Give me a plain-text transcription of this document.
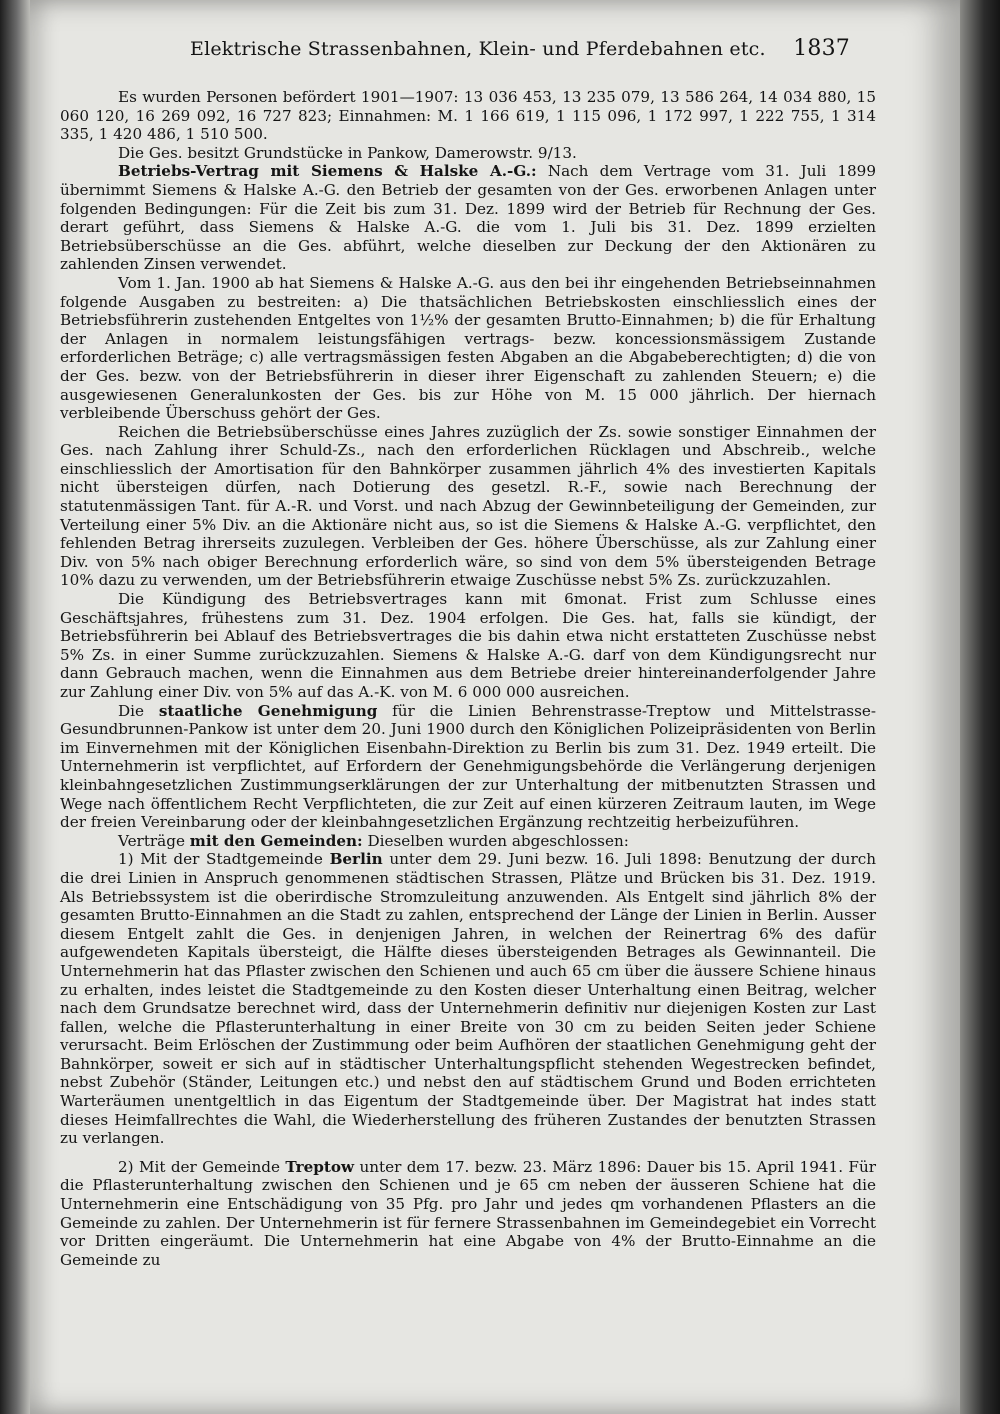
Elektrische Strassenbahnen, Klein- und Pferdebahnen etc. 1837

Es wurden Personen befördert 1901—1907: 13 036 453, 13 235 079, 13 586 264, 14 034 880, 15 060 120, 16 269 092, 16 727 823; Einnahmen: M. 1 166 619, 1 115 096, 1 172 997, 1 222 755, 1 314 335, 1 420 486, 1 510 500.

Die Ges. besitzt Grundstücke in Pankow, Damerowstr. 9/13.

Betriebs-Vertrag mit Siemens & Halske A.-G.: Nach dem Vertrage vom 31. Juli 1899 übernimmt Siemens & Halske A.-G. den Betrieb der gesamten von der Ges. erworbenen Anlagen unter folgenden Bedingungen: Für die Zeit bis zum 31. Dez. 1899 wird der Betrieb für Rechnung der Ges. derart geführt, dass Siemens & Halske A.-G. die vom 1. Juli bis 31. Dez. 1899 erzielten Betriebsüberschüsse an die Ges. abführt, welche dieselben zur Deckung der den Aktionären zu zahlenden Zinsen verwendet.

Vom 1. Jan. 1900 ab hat Siemens & Halske A.-G. aus den bei ihr eingehenden Betriebseinnahmen folgende Ausgaben zu bestreiten: a) Die thatsächlichen Betriebskosten einschliesslich eines der Betriebsführerin zustehenden Entgeltes von 1½% der gesamten Brutto-Einnahmen; b) die für Erhaltung der Anlagen in normalem leistungsfähigen vertrags- bezw. koncessionsmässigem Zustande erforderlichen Beträge; c) alle vertragsmässigen festen Abgaben an die Abgabeberechtigten; d) die von der Ges. bezw. von der Betriebsführerin in dieser ihrer Eigenschaft zu zahlenden Steuern; e) die ausgewiesenen Generalunkosten der Ges. bis zur Höhe von M. 15 000 jährlich. Der hiernach verbleibende Überschuss gehört der Ges.

Reichen die Betriebsüberschüsse eines Jahres zuzüglich der Zs. sowie sonstiger Einnahmen der Ges. nach Zahlung ihrer Schuld-Zs., nach den erforderlichen Rücklagen und Abschreib., welche einschliesslich der Amortisation für den Bahnkörper zusammen jährlich 4% des investierten Kapitals nicht übersteigen dürfen, nach Dotierung des gesetzl. R.-F., sowie nach Berechnung der statutenmässigen Tant. für A.-R. und Vorst. und nach Abzug der Gewinnbeteiligung der Gemeinden, zur Verteilung einer 5% Div. an die Aktionäre nicht aus, so ist die Siemens & Halske A.-G. verpflichtet, den fehlenden Betrag ihrerseits zuzulegen. Verbleiben der Ges. höhere Überschüsse, als zur Zahlung einer Div. von 5% nach obiger Berechnung erforderlich wäre, so sind von dem 5% übersteigenden Betrage 10% dazu zu verwenden, um der Betriebsführerin etwaige Zuschüsse nebst 5% Zs. zurückzuzahlen.

Die Kündigung des Betriebsvertrages kann mit 6monat. Frist zum Schlusse eines Geschäftsjahres, frühestens zum 31. Dez. 1904 erfolgen. Die Ges. hat, falls sie kündigt, der Betriebsführerin bei Ablauf des Betriebsvertrages die bis dahin etwa nicht erstatteten Zuschüsse nebst 5% Zs. in einer Summe zurückzuzahlen. Siemens & Halske A.-G. darf von dem Kündigungsrecht nur dann Gebrauch machen, wenn die Einnahmen aus dem Betriebe dreier hintereinanderfolgender Jahre zur Zahlung einer Div. von 5% auf das A.-K. von M. 6 000 000 ausreichen.

Die staatliche Genehmigung für die Linien Behrenstrasse-Treptow und Mittelstrasse-Gesundbrunnen-Pankow ist unter dem 20. Juni 1900 durch den Königlichen Polizeipräsidenten von Berlin im Einvernehmen mit der Königlichen Eisenbahn-Direktion zu Berlin bis zum 31. Dez. 1949 erteilt. Die Unternehmerin ist verpflichtet, auf Erfordern der Genehmigungsbehörde die Verlängerung derjenigen kleinbahngesetzlichen Zustimmungserklärungen der zur Unterhaltung der mitbenutzten Strassen und Wege nach öffentlichem Recht Verpflichteten, die zur Zeit auf einen kürzeren Zeitraum lauten, im Wege der freien Vereinbarung oder der kleinbahngesetzlichen Ergänzung rechtzeitig herbeizuführen.

Verträge mit den Gemeinden: Dieselben wurden abgeschlossen:

1) Mit der Stadtgemeinde Berlin unter dem 29. Juni bezw. 16. Juli 1898: Benutzung der durch die drei Linien in Anspruch genommenen städtischen Strassen, Plätze und Brücken bis 31. Dez. 1919. Als Betriebssystem ist die oberirdische Stromzuleitung anzuwenden. Als Entgelt sind jährlich 8% der gesamten Brutto-Einnahmen an die Stadt zu zahlen, entsprechend der Länge der Linien in Berlin. Ausser diesem Entgelt zahlt die Ges. in denjenigen Jahren, in welchen der Reinertrag 6% des dafür aufgewendeten Kapitals übersteigt, die Hälfte dieses übersteigenden Betrages als Gewinnanteil. Die Unternehmerin hat das Pflaster zwischen den Schienen und auch 65 cm über die äussere Schiene hinaus zu erhalten, indes leistet die Stadtgemeinde zu den Kosten dieser Unterhaltung einen Beitrag, welcher nach dem Grundsatze berechnet wird, dass der Unternehmerin definitiv nur diejenigen Kosten zur Last fallen, welche die Pflasterunterhaltung in einer Breite von 30 cm zu beiden Seiten jeder Schiene verursacht. Beim Erlöschen der Zustimmung oder beim Aufhören der staatlichen Genehmigung geht der Bahnkörper, soweit er sich auf in städtischer Unterhaltungspflicht stehenden Wegestrecken befindet, nebst Zubehör (Ständer, Leitungen etc.) und nebst den auf städtischem Grund und Boden errichteten Warteräumen unentgeltlich in das Eigentum der Stadtgemeinde über. Der Magistrat hat indes statt dieses Heimfallrechtes die Wahl, die Wiederherstellung des früheren Zustandes der benutzten Strassen zu verlangen.

2) Mit der Gemeinde Treptow unter dem 17. bezw. 23. März 1896: Dauer bis 15. April 1941. Für die Pflasterunterhaltung zwischen den Schienen und je 65 cm neben der äusseren Schiene hat die Unternehmerin eine Entschädigung von 35 Pfg. pro Jahr und jedes qm vorhandenen Pflasters an die Gemeinde zu zahlen. Der Unternehmerin ist für fernere Strassenbahnen im Gemeindegebiet ein Vorrecht vor Dritten eingeräumt. Die Unternehmerin hat eine Abgabe von 4% der Brutto-Einnahme an die Gemeinde zu
